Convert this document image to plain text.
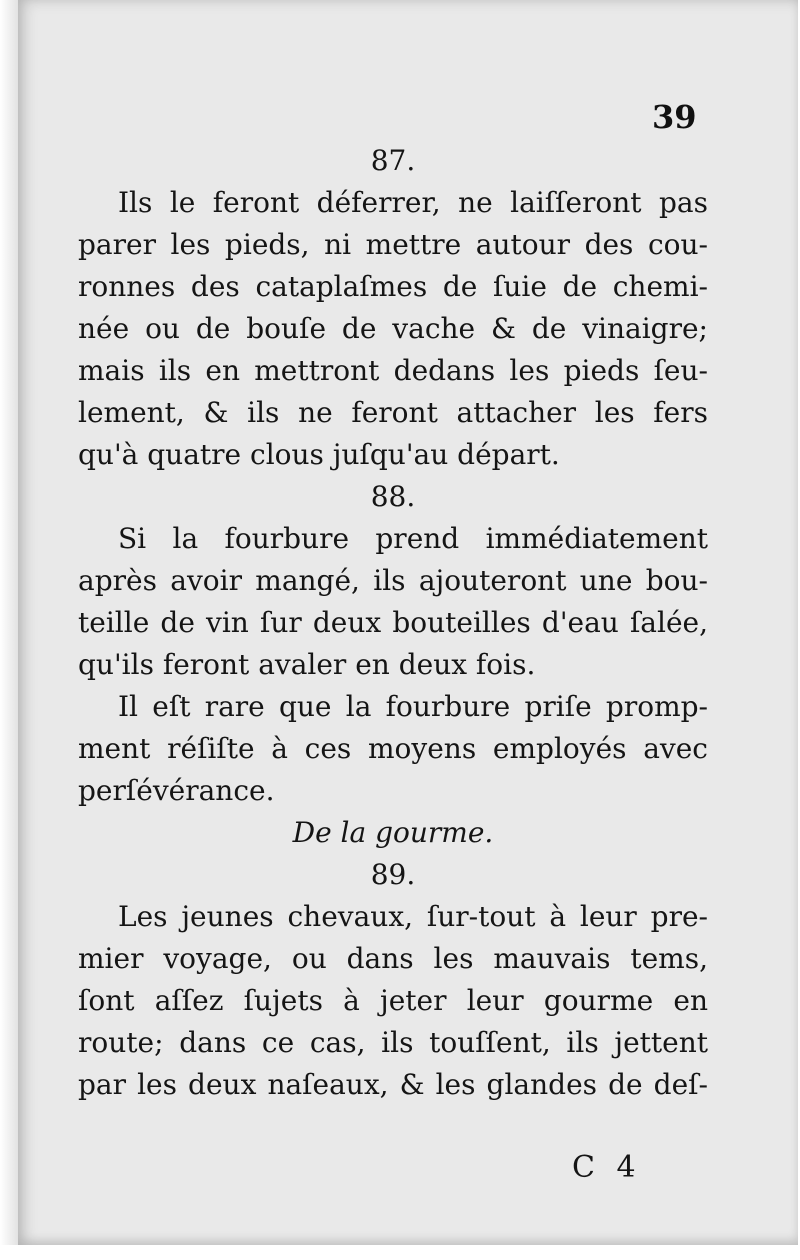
39
87.
Ils le feront déferrer, ne laiſſeront pas
parer les pieds, ni mettre autour des cou-
ronnes des cataplaſmes de ſuie de chemi-
née ou de bouſe de vache & de vinaigre;
mais ils en mettront dedans les pieds ſeu-
lement, & ils ne feront attacher les fers
qu'à quatre clous juſqu'au départ.
88.
Si la fourbure prend immédiatement
après avoir mangé, ils ajouteront une bou-
teille de vin ſur deux bouteilles d'eau ſalée,
qu'ils feront avaler en deux fois.
Il eſt rare que la fourbure priſe promp-
ment réſiſte à ces moyens employés avec
perſévérance.
De la gourme.
89.
Les jeunes chevaux, ſur-tout à leur pre-
mier voyage, ou dans les mauvais tems,
ſont aſſez ſujets à jeter leur gourme en
route; dans ce cas, ils touſſent, ils jettent
par les deux naſeaux, & les glandes de deſ-
C 4
